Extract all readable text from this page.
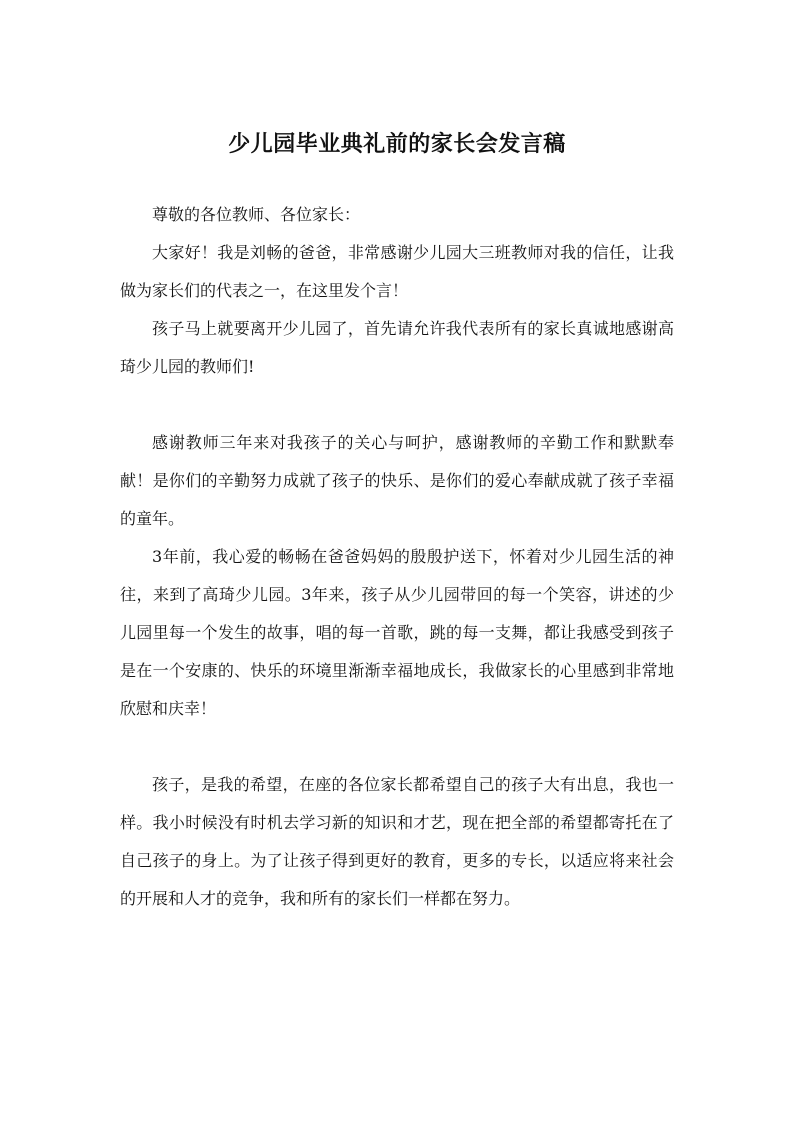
少儿园毕业典礼前的家长会发言稿

尊敬的各位教师、各位家长：

大家好！我是刘畅的爸爸，非常感谢少儿园大三班教师对我的信任，让我做为家长们的代表之一，在这里发个言！

孩子马上就要离开少儿园了，首先请允许我代表所有的家长真诚地感谢高琦少儿园的教师们!

感谢教师三年来对我孩子的关心与呵护，感谢教师的辛勤工作和默默奉献！是你们的辛勤努力成就了孩子的快乐、是你们的爱心奉献成就了孩子幸福的童年。

3年前，我心爱的畅畅在爸爸妈妈的殷殷护送下，怀着对少儿园生活的神往，来到了高琦少儿园。3年来，孩子从少儿园带回的每一个笑容，讲述的少儿园里每一个发生的故事，唱的每一首歌，跳的每一支舞，都让我感受到孩子是在一个安康的、快乐的环境里渐渐幸福地成长，我做家长的心里感到非常地欣慰和庆幸！

孩子，是我的希望，在座的各位家长都希望自己的孩子大有出息，我也一样。我小时候没有时机去学习新的知识和才艺，现在把全部的希望都寄托在了自己孩子的身上。为了让孩子得到更好的教育，更多的专长，以适应将来社会的开展和人才的竞争，我和所有的家长们一样都在努力。
